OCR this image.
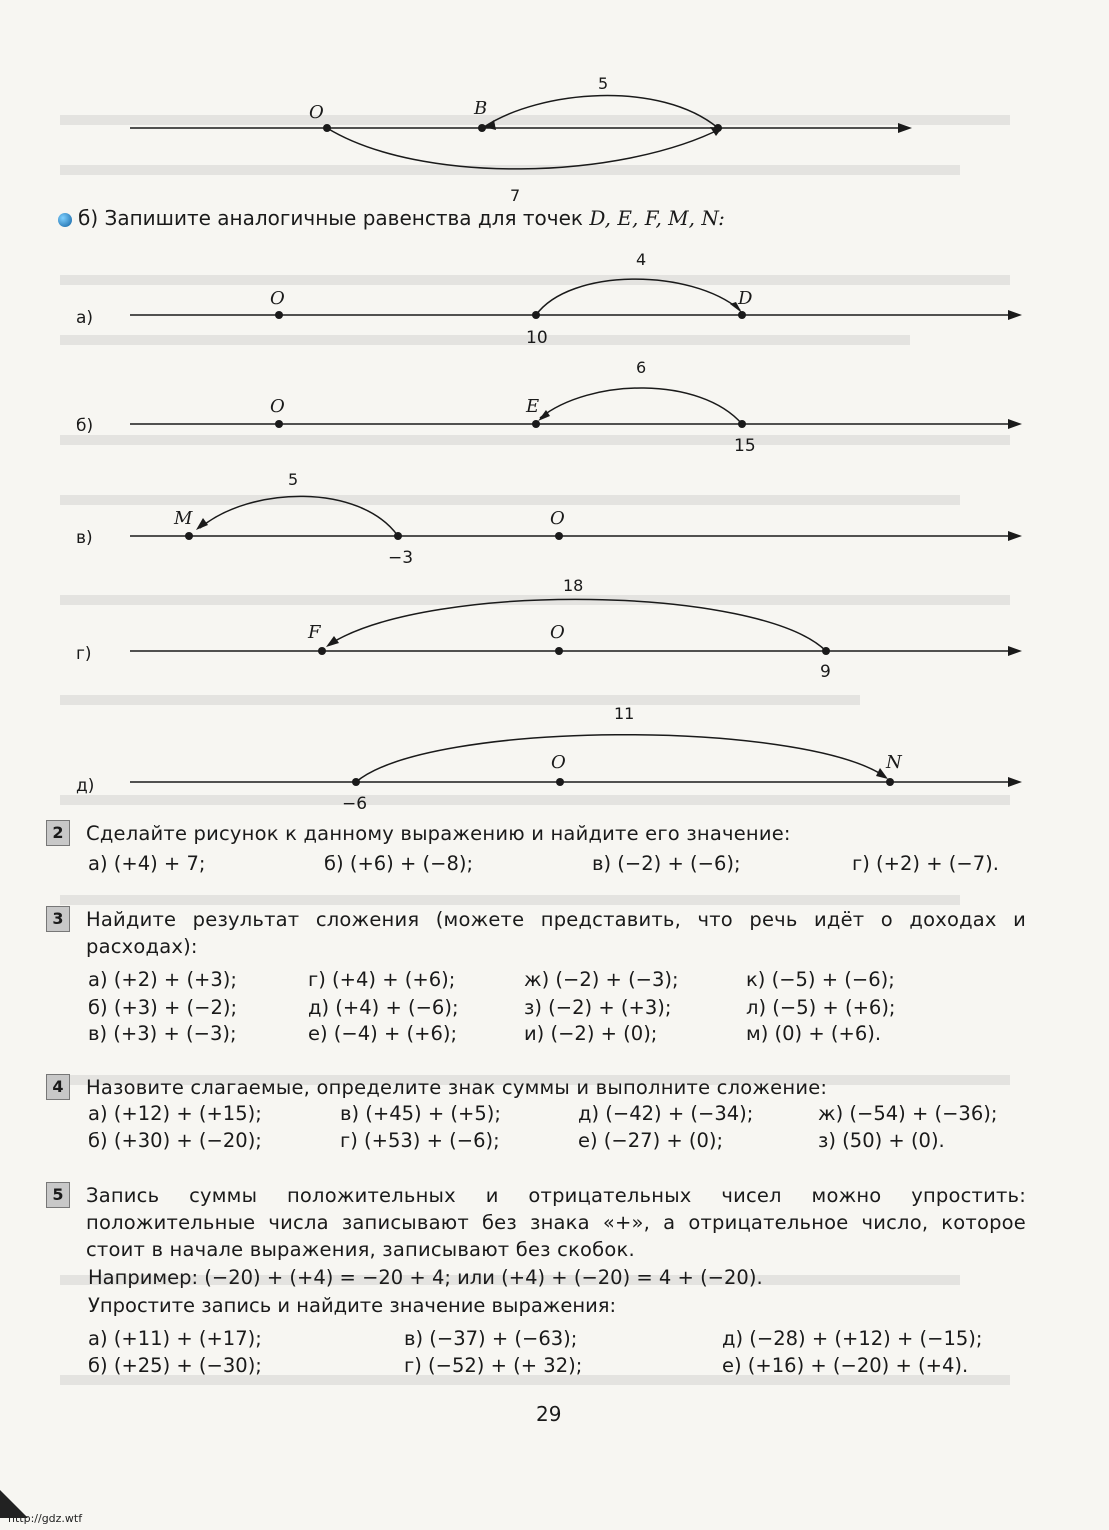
O	B
5
7
б) Запишите аналогичные равенства для точек D, E, F, M, N:
а)
O
10
D
4
б)
O	E
15
6
в)
M
−3
O
5
г)
F	O
9
18
д)
−6
O	N
11
2	Сделайте рисунок к данному выражению и найдите его значение:
а) (+4) + 7;	б) (+6) + (−8);	в) (−2) + (−6);	г) (+2) + (−7).
3	Найдите результат сложения (можете представить, что речь идёт о доходах и расходах):
а) (+2) + (+3);	г) (+4) + (+6);	ж) (−2) + (−3);	к) (−5) + (−6);
б) (+3) + (−2);	д) (+4) + (−6);	з) (−2) + (+3);	л) (−5) + (+6);
в) (+3) + (−3);	е) (−4) + (+6);	и) (−2) + (0);	м) (0) + (+6).
4	Назовите слагаемые, определите знак суммы и выполните сложение:
а) (+12) + (+15);	в) (+45) + (+5);	д) (−42) + (−34);	ж) (−54) + (−36);
б) (+30) + (−20);	г) (+53) + (−6);	е) (−27) + (0);	з) (50) + (0).
5	Запись суммы положительных и отрицательных чисел можно упростить: положительные числа записывают без знака «+», а отрицательное число, которое стоит в начале выражения, записывают без скобок.
Например: (−20) + (+4) = −20 + 4; или (+4) + (−20) = 4 + (−20).
Упростите запись и найдите значение выражения:
а) (+11) + (+17);	в) (−37) + (−63);	д) (−28) + (+12) + (−15);
б) (+25) + (−30);	г) (−52) + (+ 32);	е) (+16) + (−20) + (+4).
29
http://gdz.wtf
